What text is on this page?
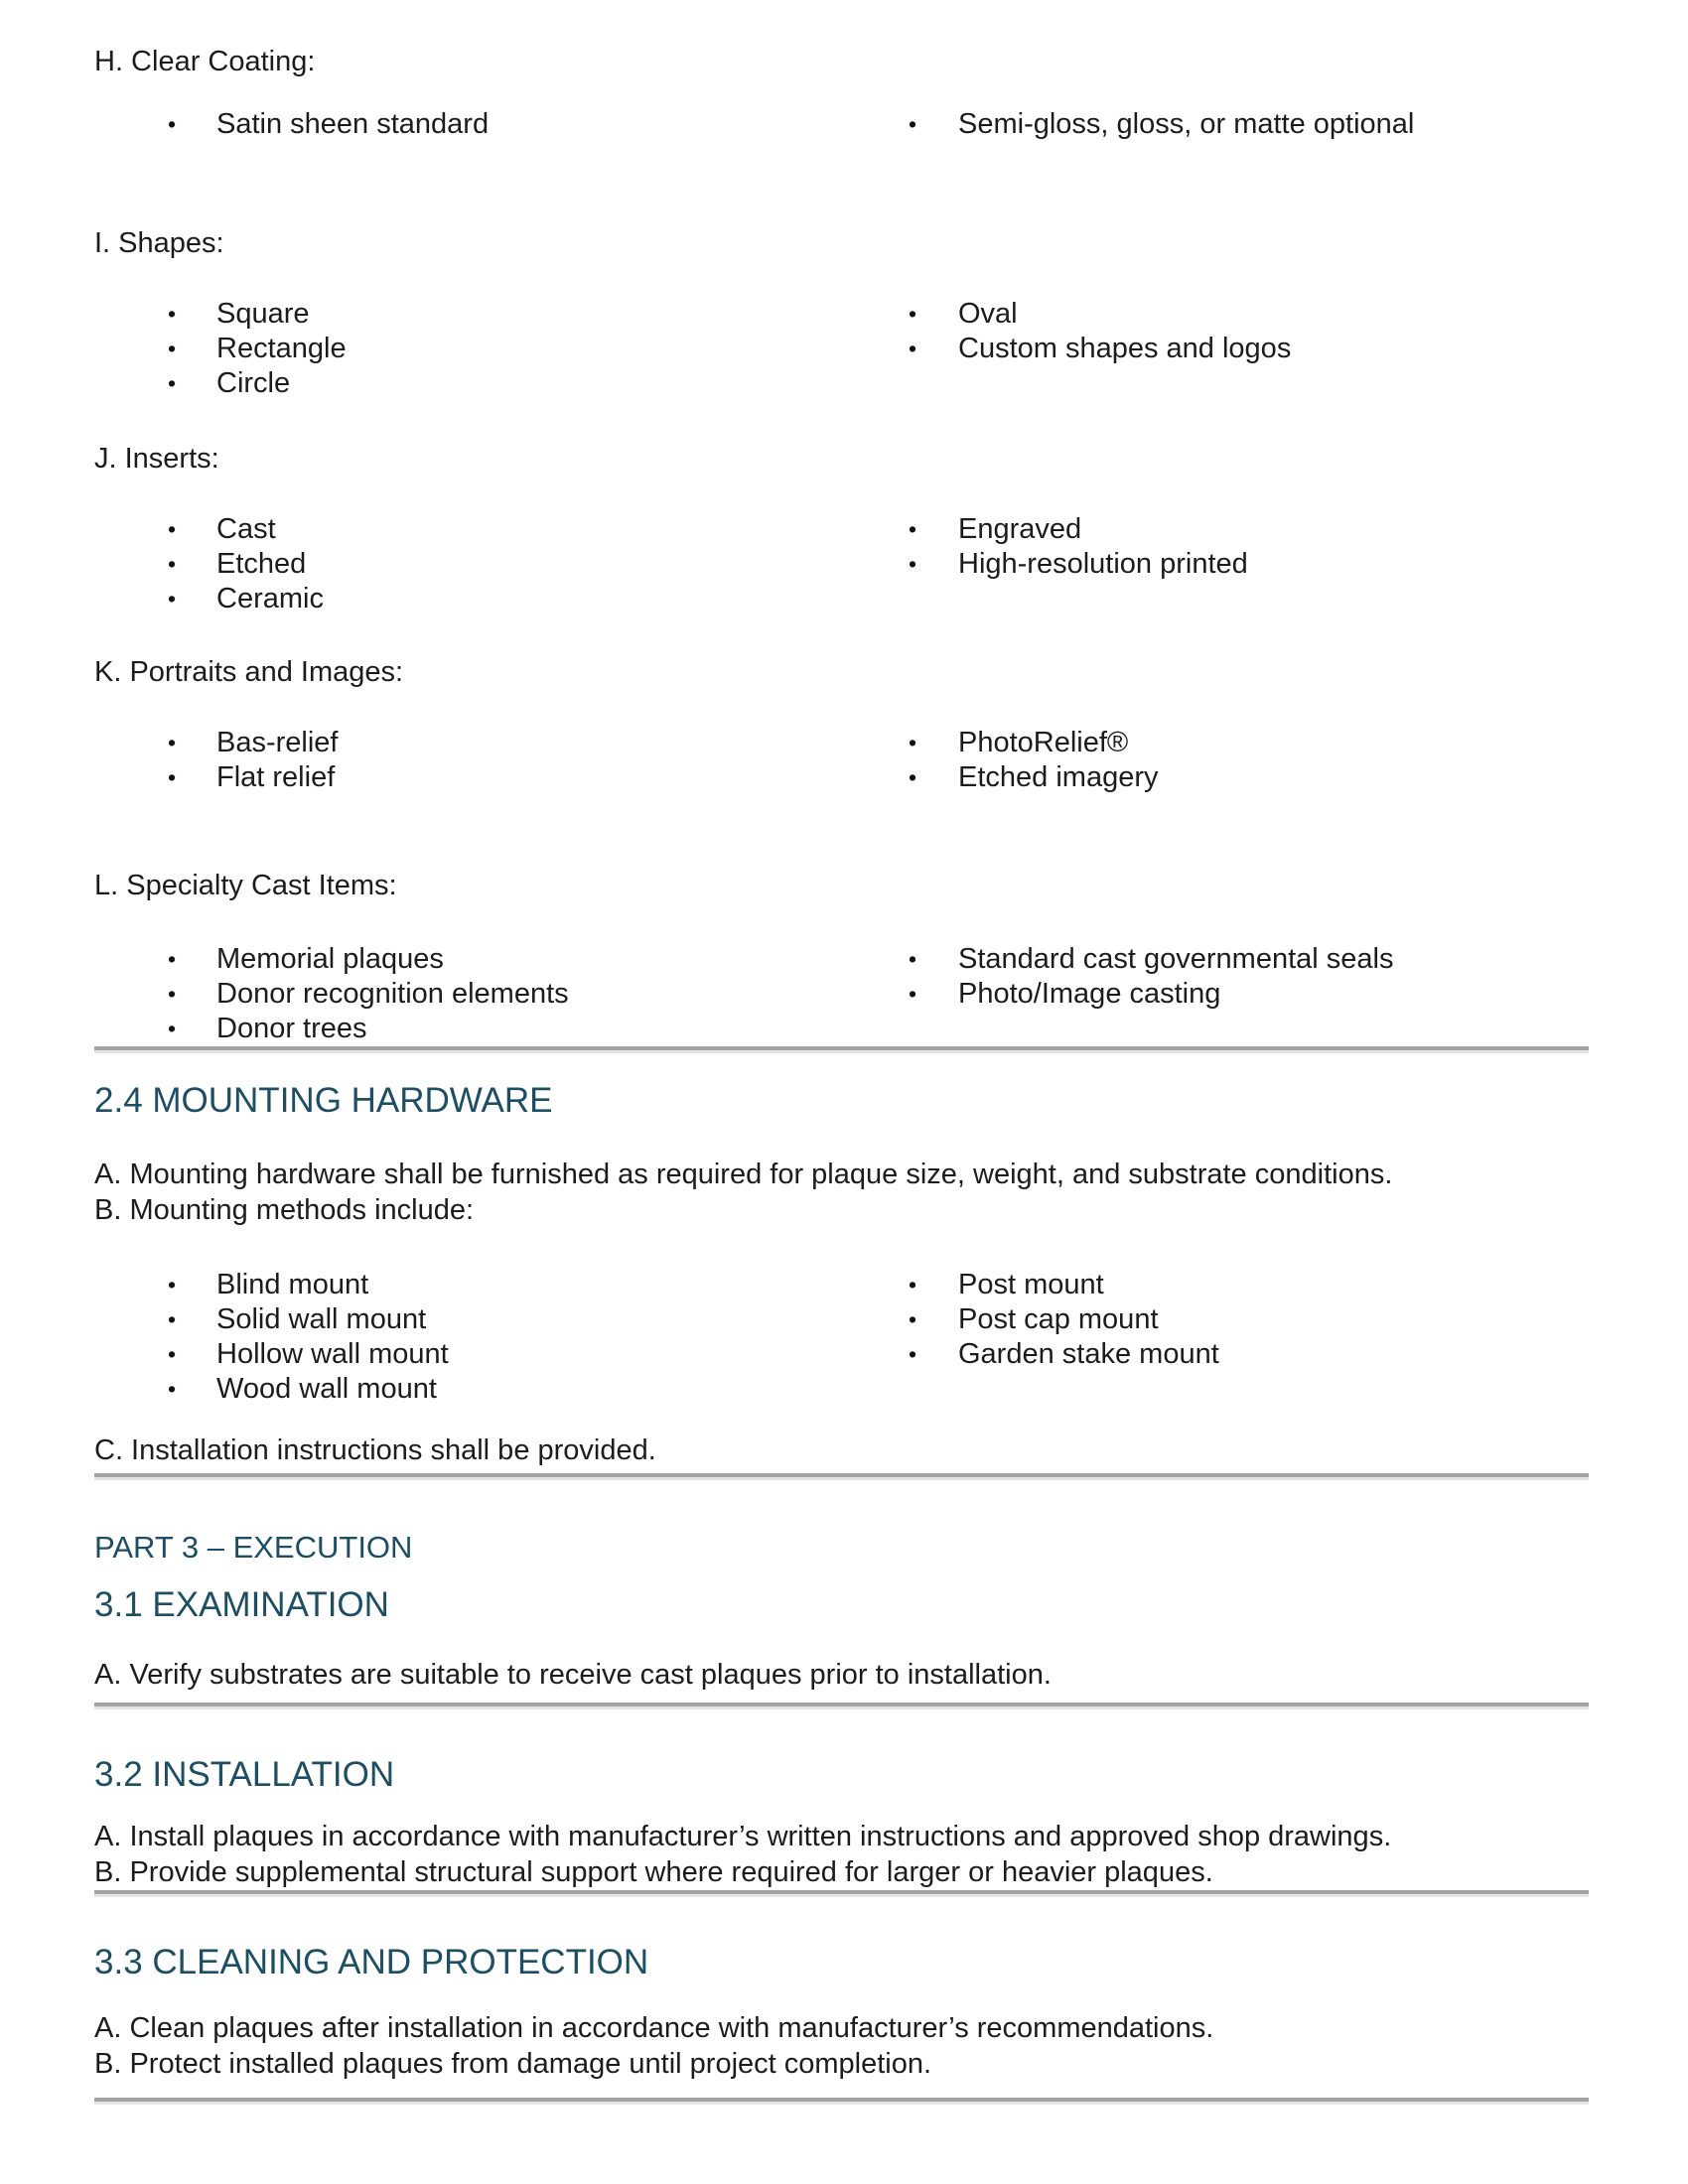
H. Clear Coating:
•	Satin sheen standard	•	Semi-gloss, gloss, or matte optional
I. Shapes:
•	Square
•	Rectangle
•	Circle
•	Oval
•	Custom shapes and logos
J. Inserts:
•	Cast
•	Etched
•	Ceramic
•	Engraved
•	High-resolution printed
K. Portraits and Images:
•	Bas-relief
•	Flat relief
•	PhotoRelief®
•	Etched imagery
L. Specialty Cast Items:
•	Memorial plaques
•	Donor recognition elements
•	Donor trees
•	Standard cast governmental seals
•	Photo/Image casting
2.4 MOUNTING HARDWARE
A. Mounting hardware shall be furnished as required for plaque size, weight, and substrate conditions.
B. Mounting methods include:
•	Blind mount
•	Solid wall mount
•	Hollow wall mount
•	Wood wall mount
•	Post mount
•	Post cap mount
•	Garden stake mount
C. Installation instructions shall be provided.
PART 3 – EXECUTION
3.1 EXAMINATION
A. Verify substrates are suitable to receive cast plaques prior to installation.
3.2 INSTALLATION
A. Install plaques in accordance with manufacturer’s written instructions and approved shop drawings.
B. Provide supplemental structural support where required for larger or heavier plaques.
3.3 CLEANING AND PROTECTION
A. Clean plaques after installation in accordance with manufacturer’s recommendations.
B. Protect installed plaques from damage until project completion.
